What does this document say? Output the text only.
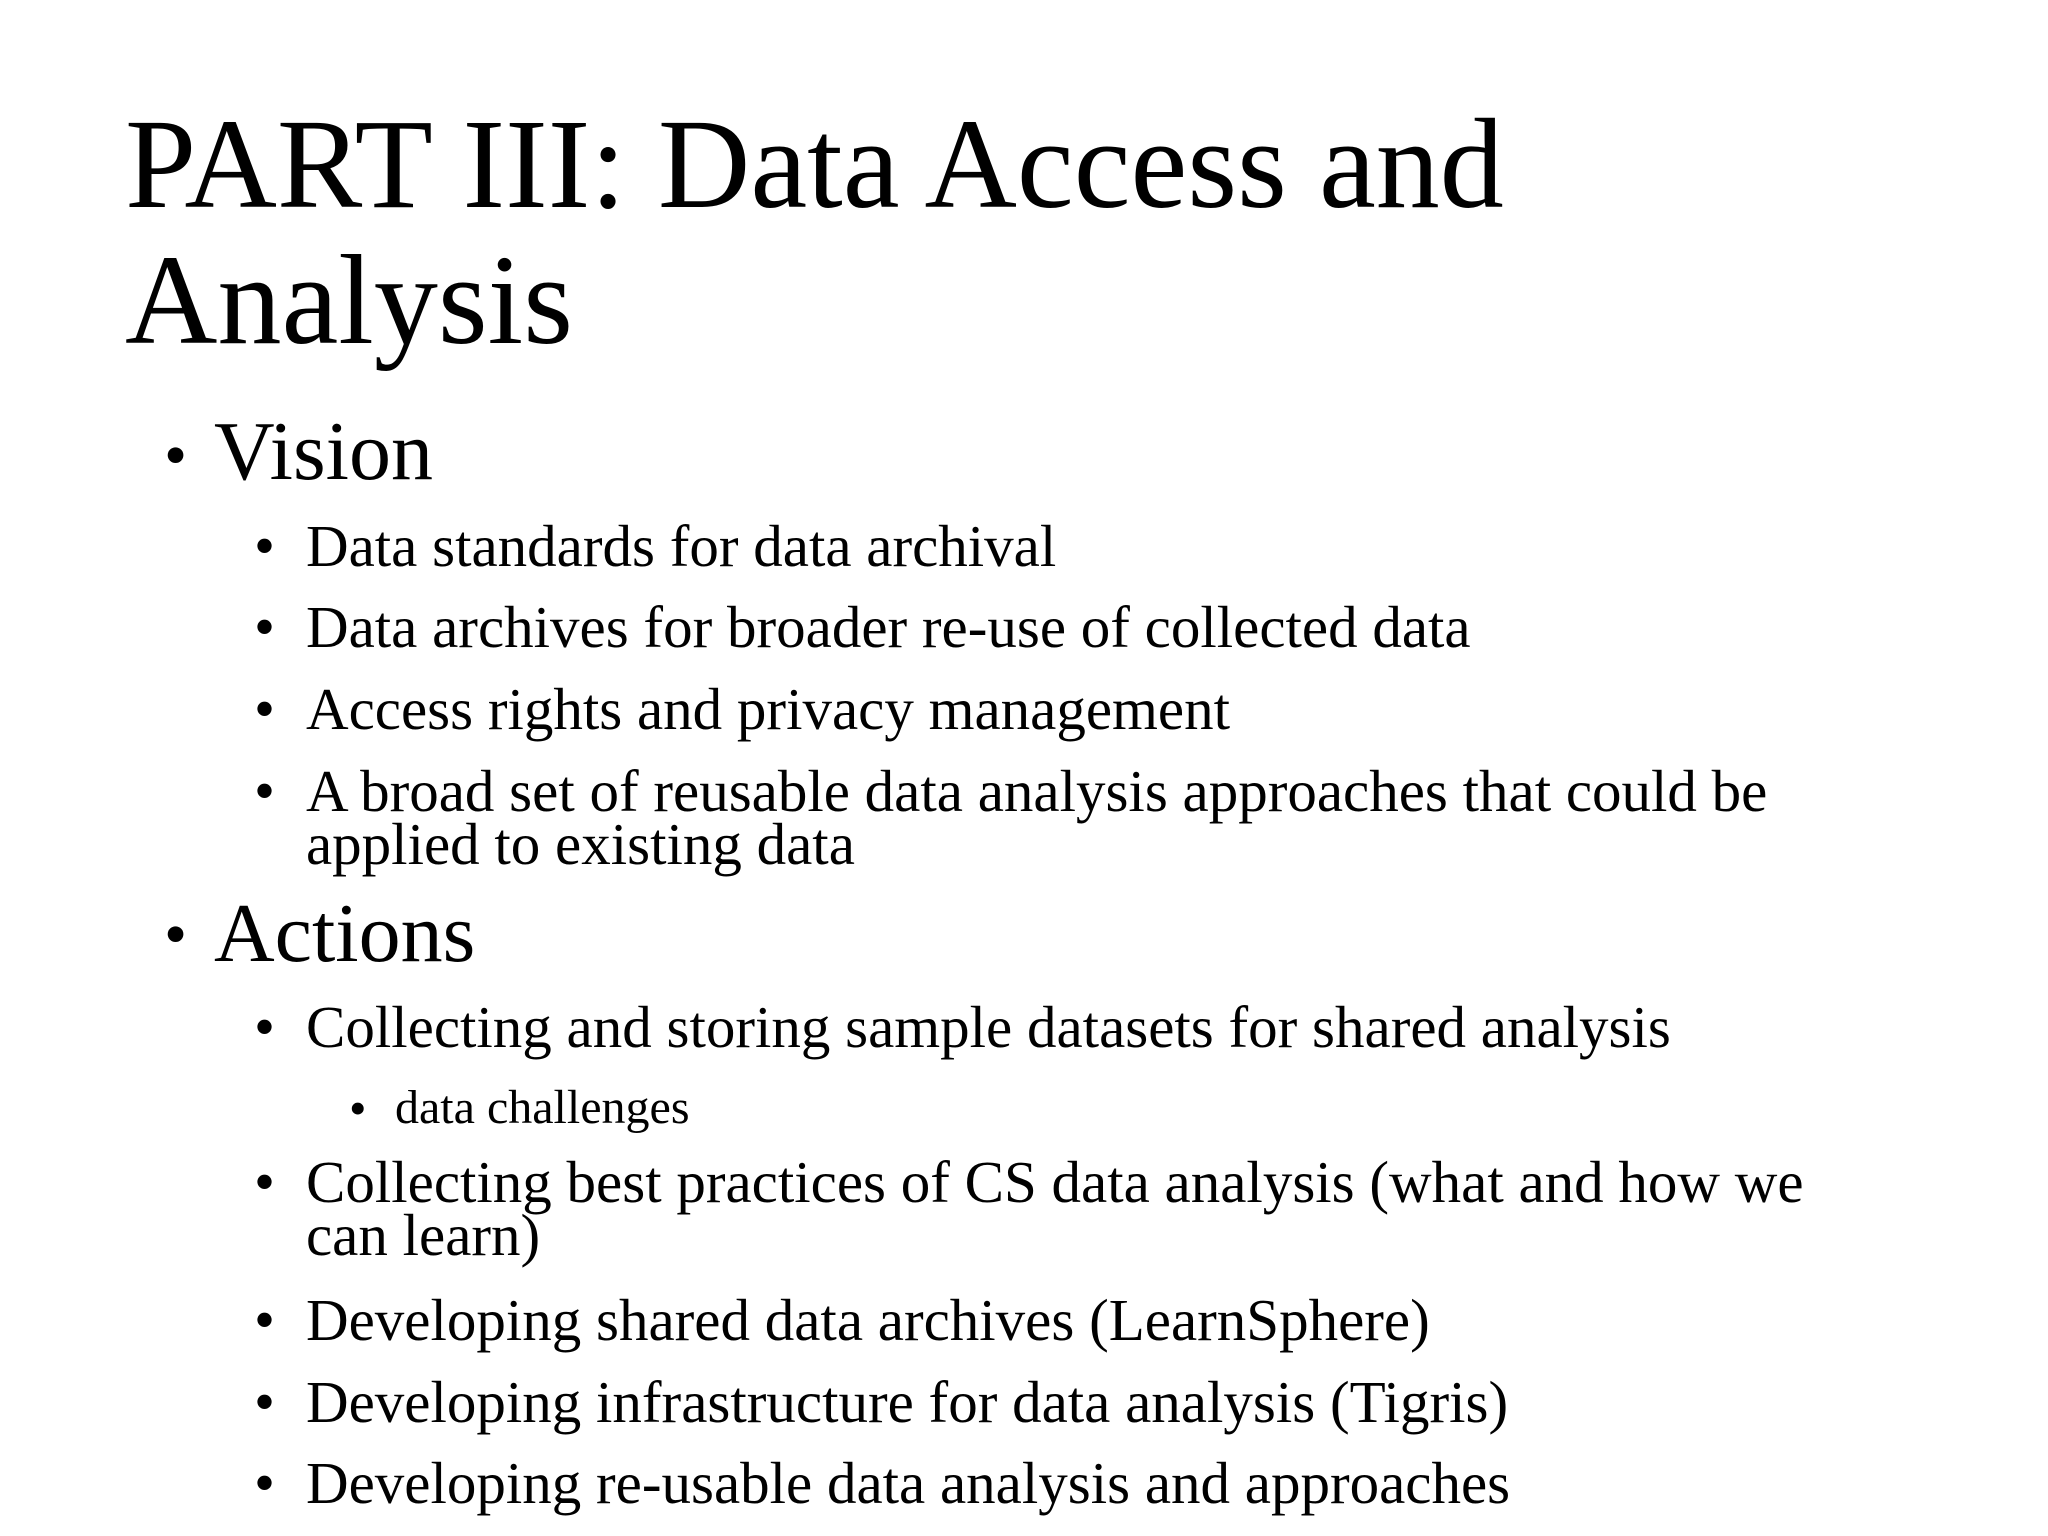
PART III: Data Access and Analysis
• Vision
• Data standards for data archival
• Data archives for broader re-use of collected data
• Access rights and privacy management
• A broad set of reusable data analysis approaches that could be applied to existing data
• Actions
• Collecting and storing sample datasets for shared analysis
• data challenges
• Collecting best practices of CS data analysis (what and how we can learn)
• Developing shared data archives (LearnSphere)
• Developing infrastructure for data analysis (Tigris)
• Developing re-usable data analysis and approaches
